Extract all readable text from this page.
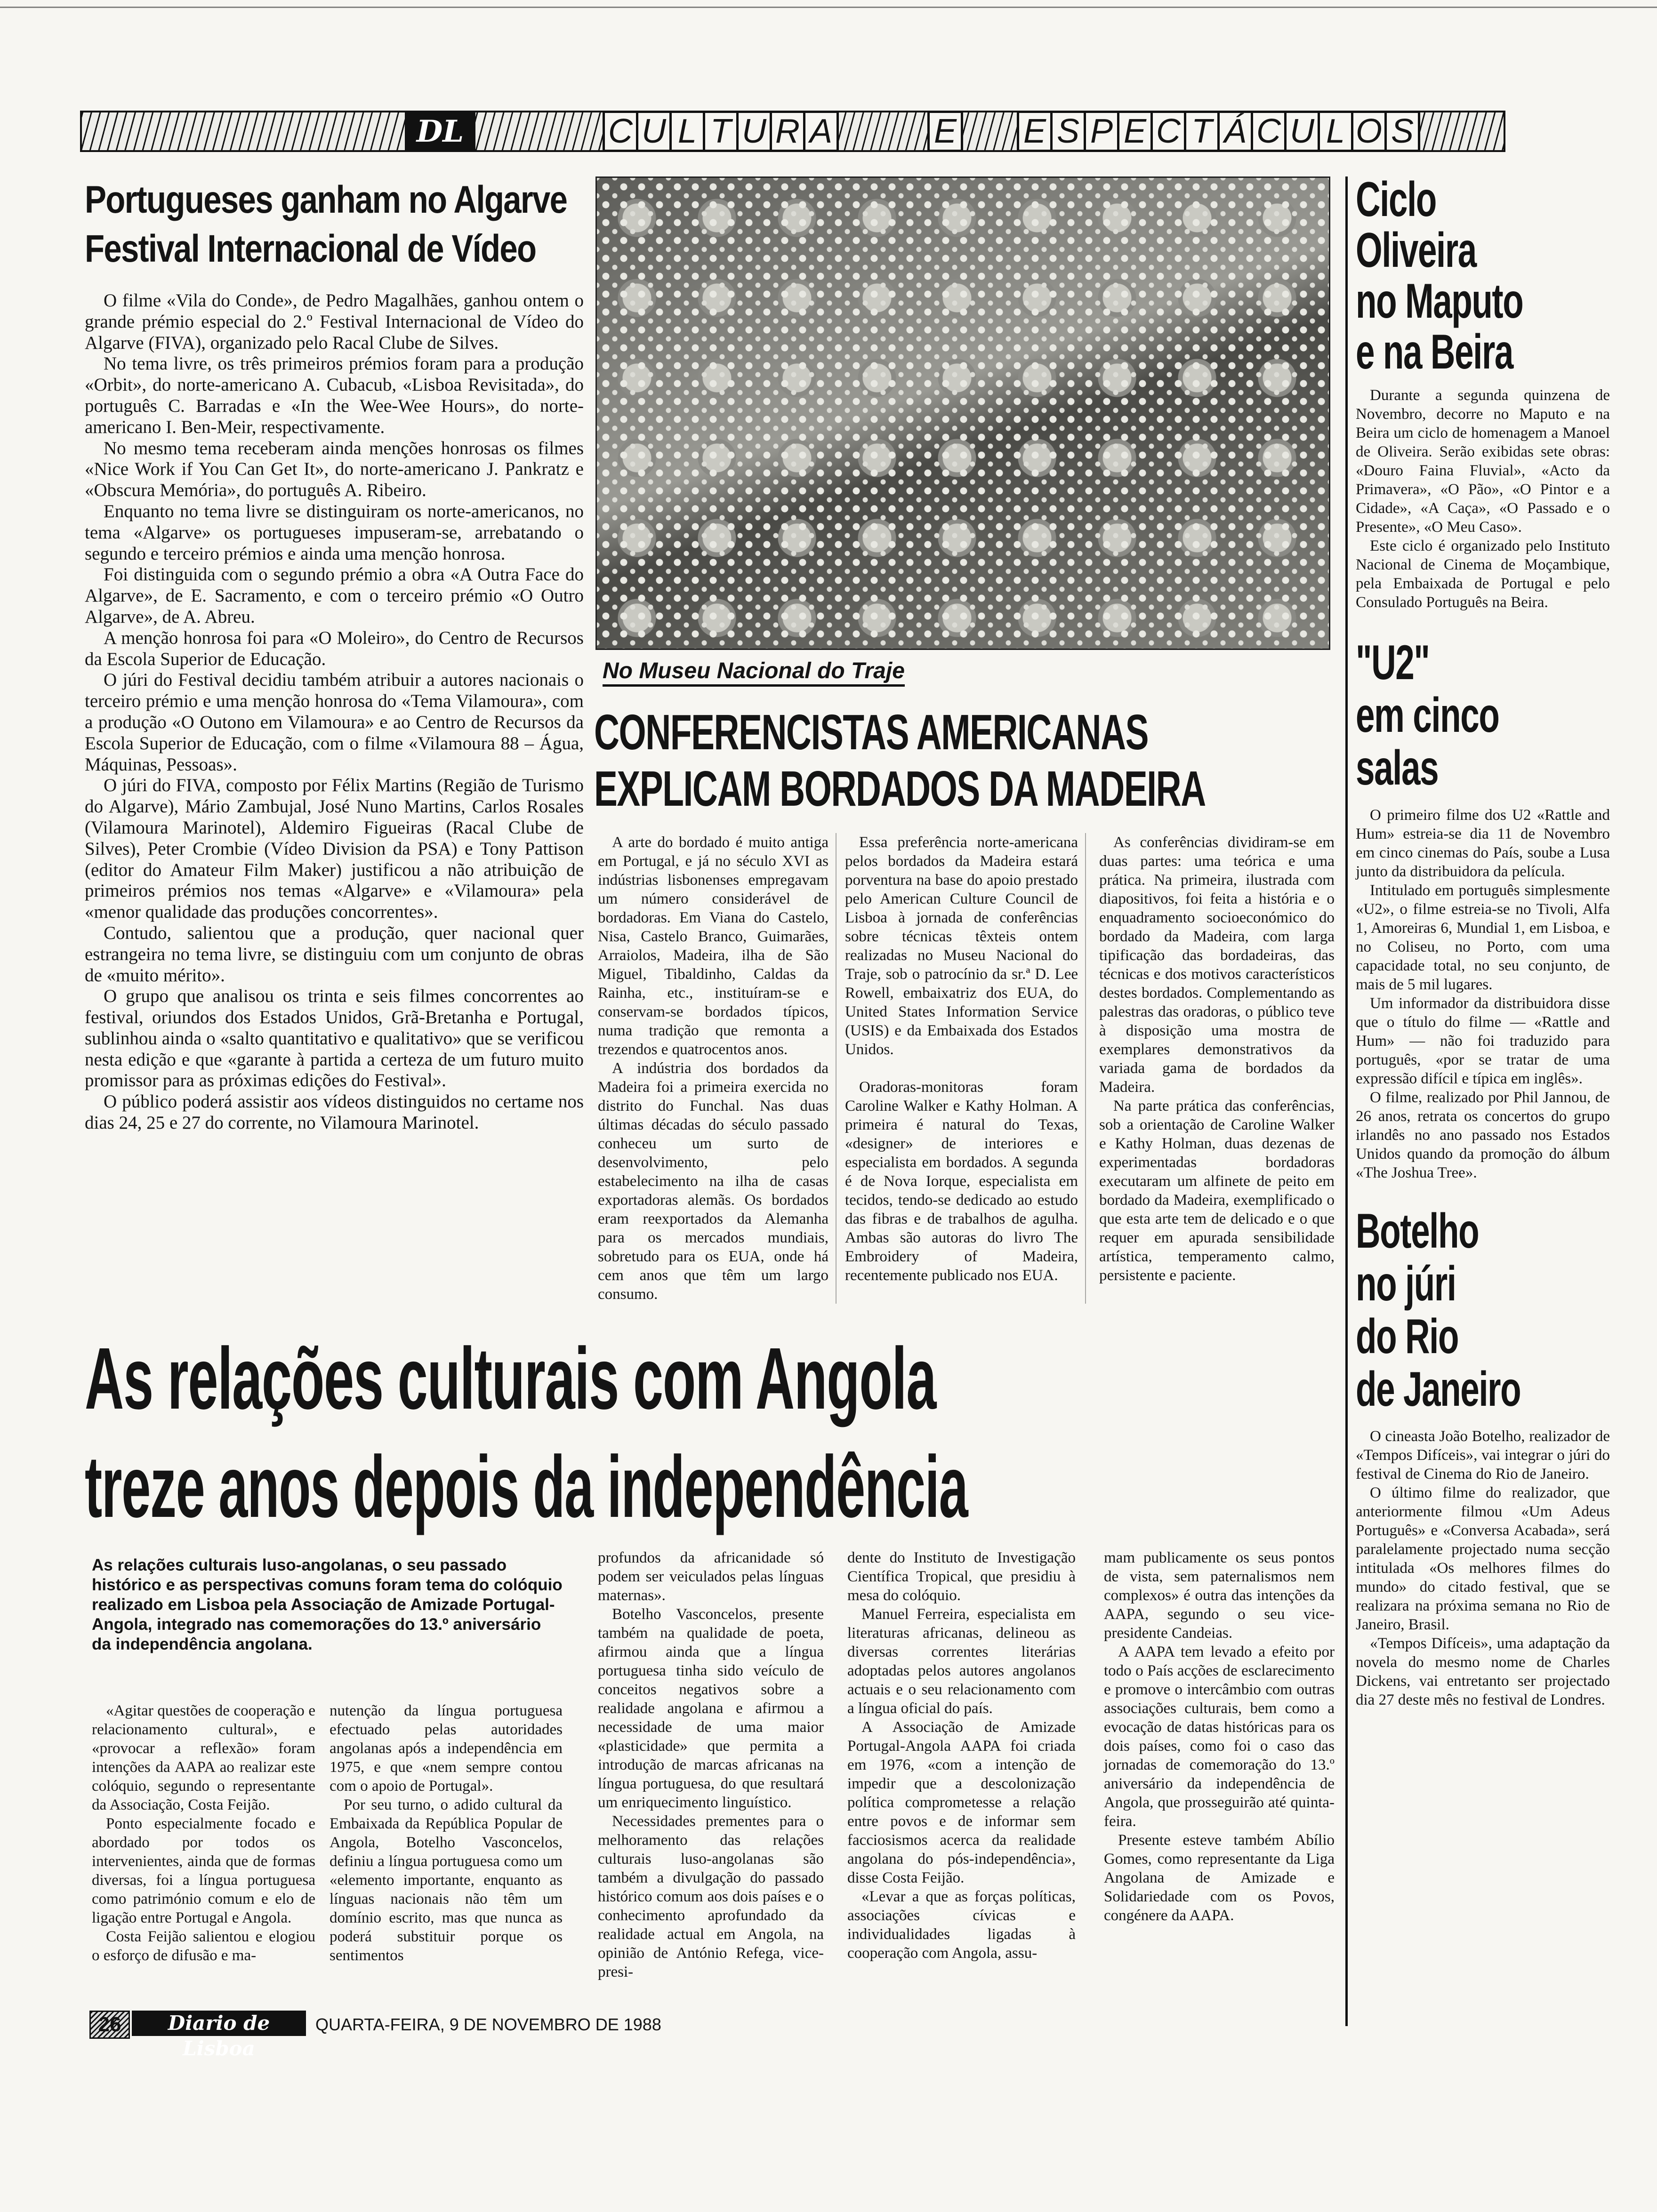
DL	C U L T U R A	E E S P E C T Á C U L O S
Portugueses ganham no Algarve
Festival Internacional de Vídeo

O filme «Vila do Conde», de Pedro Magalhães, ganhou ontem o grande prémio especial do 2.º Festival Internacional de Vídeo do Algarve (FIVA), organizado pelo Racal Clube de Silves.

No tema livre, os três primeiros prémios foram para a produção «Orbit», do norte-americano A. Cubacub, «Lisboa Revisitada», do português C. Barradas e «In the Wee-Wee Hours», do norte-americano I. Ben-Meir, respectivamente.

No mesmo tema receberam ainda menções honrosas os filmes «Nice Work if You Can Get It», do norte-americano J. Pankratz e «Obscura Memória», do português A. Ribeiro.

Enquanto no tema livre se distinguiram os norte-americanos, no tema «Algarve» os portugueses impuseram-se, arrebatando o segundo e terceiro prémios e ainda uma menção honrosa.

Foi distinguida com o segundo prémio a obra «A Outra Face do Algarve», de E. Sacramento, e com o terceiro prémio «O Outro Algarve», de A. Abreu.

A menção honrosa foi para «O Moleiro», do Centro de Recursos da Escola Superior de Educação.

O júri do Festival decidiu também atribuir a autores nacionais o terceiro prémio e uma menção honrosa do «Tema Vilamoura», com a produção «O Outono em Vilamoura» e ao Centro de Recursos da Escola Superior de Educação, com o filme «Vilamoura 88 – Água, Máquinas, Pessoas».

O júri do FIVA, composto por Félix Martins (Região de Turismo do Algarve), Mário Zambujal, José Nuno Martins, Carlos Rosales (Vilamoura Marinotel), Aldemiro Figueiras (Racal Clube de Silves), Peter Crombie (Vídeo Division da PSA) e Tony Pattison (editor do Amateur Film Maker) justificou a não atribuição de primeiros prémios nos temas «Algarve» e «Vilamoura» pela «menor qualidade das produções concorrentes».

Contudo, salientou que a produção, quer nacional quer estrangeira no tema livre, se distinguiu com um conjunto de obras de «muito mérito».

O grupo que analisou os trinta e seis filmes concorrentes ao festival, oriundos dos Estados Unidos, Grã-Bretanha e Portugal, sublinhou ainda o «salto quantitativo e qualitativo» que se verificou nesta edição e que «garante à partida a certeza de um futuro muito promissor para as próximas edições do Festival».

O público poderá assistir aos vídeos distinguidos no certame nos dias 24, 25 e 27 do corrente, no Vilamoura Marinotel.

No Museu Nacional do Traje
CONFERENCISTAS AMERICANAS
EXPLICAM BORDADOS DA MADEIRA

A arte do bordado é muito antiga em Portugal, e já no século XVI as indústrias lisbonenses empregavam um número considerável de bordadoras. Em Viana do Castelo, Nisa, Castelo Branco, Guimarães, Arraiolos, Madeira, ilha de São Miguel, Tibaldinho, Caldas da Rainha, etc., instituíram-se e conservam-se bordados típicos, numa tradição que remonta a trezendos e quatrocentos anos.

A indústria dos bordados da Madeira foi a primeira exercida no distrito do Funchal. Nas duas últimas décadas do século passado conheceu um surto de desenvolvimento, pelo estabelecimento na ilha de casas exportadoras alemãs. Os bordados eram reexportados da Alemanha para os mercados mundiais, sobretudo para os EUA, onde há cem anos que têm um largo consumo.

Essa preferência norte-americana pelos bordados da Madeira estará porventura na base do apoio prestado pelo American Culture Council de Lisboa à jornada de conferências sobre técnicas têxteis ontem realizadas no Museu Nacional do Traje, sob o patrocínio da sr.ª D. Lee Rowell, embaixatriz dos EUA, do United States Information Service (USIS) e da Embaixada dos Estados Unidos.

Oradoras-monitoras foram Caroline Walker e Kathy Holman. A primeira é natural do Texas, «designer» de interiores e especialista em bordados. A segunda é de Nova Iorque, especialista em tecidos, tendo-se dedicado ao estudo das fibras e de trabalhos de agulha. Ambas são autoras do livro The Embroidery of Madeira, recentemente publicado nos EUA.

As conferências dividiram-se em duas partes: uma teórica e uma prática. Na primeira, ilustrada com diapositivos, foi feita a história e o enquadramento socioeconómico do bordado da Madeira, com larga tipificação das bordadeiras, das técnicas e dos motivos característicos destes bordados. Complementando as palestras das oradoras, o público teve à disposição uma mostra de exemplares demonstrativos da variada gama de bordados da Madeira.

Na parte prática das conferências, sob a orientação de Caroline Walker e Kathy Holman, duas dezenas de experimentadas bordadoras executaram um alfinete de peito em bordado da Madeira, exemplificado o que esta arte tem de delicado e o que requer em apurada sensibilidade artística, temperamento calmo, persistente e paciente.

As relações culturais com Angola
treze anos depois da independência
As relações culturais luso-angolanas, o seu passado histórico e as perspectivas comuns foram tema do colóquio realizado em Lisboa pela Associação de Amizade Portugal-Angola, integrado nas comemorações do 13.º aniversário da independência angolana.

«Agitar questões de cooperação e relacionamento cultural», e «provocar a reflexão» foram intenções da AAPA ao realizar este colóquio, segundo o representante da Associação, Costa Feijão.

Ponto especialmente focado e abordado por todos os intervenientes, ainda que de formas diversas, foi a língua portuguesa como património comum e elo de ligação entre Portugal e Angola.

Costa Feijão salientou e elogiou o esforço de difusão e ma-

nutenção da língua portuguesa efectuado pelas autoridades angolanas após a independência em 1975, e que «nem sempre contou com o apoio de Portugal».

Por seu turno, o adido cultural da Embaixada da República Popular de Angola, Botelho Vasconcelos, definiu a língua portuguesa como um «elemento importante, enquanto as línguas nacionais não têm um domínio escrito, mas que nunca as poderá substituir porque os sentimentos

profundos da africanidade só podem ser veiculados pelas línguas maternas».

Botelho Vasconcelos, presente também na qualidade de poeta, afirmou ainda que a língua portuguesa tinha sido veículo de conceitos negativos sobre a realidade angolana e afirmou a necessidade de uma maior «plasticidade» que permita a introdução de marcas africanas na língua portuguesa, do que resultará um enriquecimento linguístico.

Necessidades prementes para o melhoramento das relações culturais luso-angolanas são também a divulgação do passado histórico comum aos dois países e o conhecimento aprofundado da realidade actual em Angola, na opinião de António Refega, vice-presi-

dente do Instituto de Investigação Científica Tropical, que presidiu à mesa do colóquio.

Manuel Ferreira, especialista em literaturas africanas, delineou as diversas correntes literárias adoptadas pelos autores angolanos actuais e o seu relacionamento com a língua oficial do país.

A Associação de Amizade Portugal-Angola AAPA foi criada em 1976, «com a intenção de impedir que a descolonização política comprometesse a relação entre povos e de informar sem facciosismos acerca da realidade angolana do pós-independência», disse Costa Feijão.

«Levar a que as forças políticas, associações cívicas e individualidades ligadas à cooperação com Angola, assu-

mam publicamente os seus pontos de vista, sem paternalismos nem complexos» é outra das intenções da AAPA, segundo o seu vice-presidente Candeias.

A AAPA tem levado a efeito por todo o País acções de esclarecimento e promove o intercâmbio com outras associações culturais, bem como a evocação de datas históricas para os dois países, como foi o caso das jornadas de comemoração do 13.º aniversário da independência de Angola, que prosseguirão até quinta-feira.

Presente esteve também Abílio Gomes, como representante da Liga Angolana de Amizade e Solidariedade com os Povos, congénere da AAPA.

Ciclo
Oliveira
no Maputo
e na Beira

Durante a segunda quinzena de Novembro, decorre no Maputo e na Beira um ciclo de homenagem a Manoel de Oliveira. Serão exibidas sete obras: «Douro Faina Fluvial», «Acto da Primavera», «O Pão», «O Pintor e a Cidade», «A Caça», «O Passado e o Presente», «O Meu Caso».

Este ciclo é organizado pelo Instituto Nacional de Cinema de Moçambique, pela Embaixada de Portugal e pelo Consulado Português na Beira.

"U2"
em cinco
salas

O primeiro filme dos U2 «Rattle and Hum» estreia-se dia 11 de Novembro em cinco cinemas do País, soube a Lusa junto da distribuidora da película.

Intitulado em português simplesmente «U2», o filme estreia-se no Tivoli, Alfa 1, Amoreiras 6, Mundial 1, em Lisboa, e no Coliseu, no Porto, com uma capacidade total, no seu conjunto, de mais de 5 mil lugares.

Um informador da distribuidora disse que o título do filme — «Rattle and Hum» — não foi traduzido para português, «por se tratar de uma expressão difícil e típica em inglês».

O filme, realizado por Phil Jannou, de 26 anos, retrata os concertos do grupo irlandês no ano passado nos Estados Unidos quando da promoção do álbum «The Joshua Tree».

Botelho
no júri
do Rio
de Janeiro

O cineasta João Botelho, realizador de «Tempos Difíceis», vai integrar o júri do festival de Cinema do Rio de Janeiro.

O último filme do realizador, que anteriormente filmou «Um Adeus Português» e «Conversa Acabada», será paralelamente projectado numa secção intitulada «Os melhores filmes do mundo» do citado festival, que se realizara na próxima semana no Rio de Janeiro, Brasil.

«Tempos Difíceis», uma adaptação da novela do mesmo nome de Charles Dickens, vai entretanto ser projectado dia 27 deste mês no festival de Londres.

26	Diario de Lisboa
QUARTA-FEIRA, 9 DE NOVEMBRO DE 1988
